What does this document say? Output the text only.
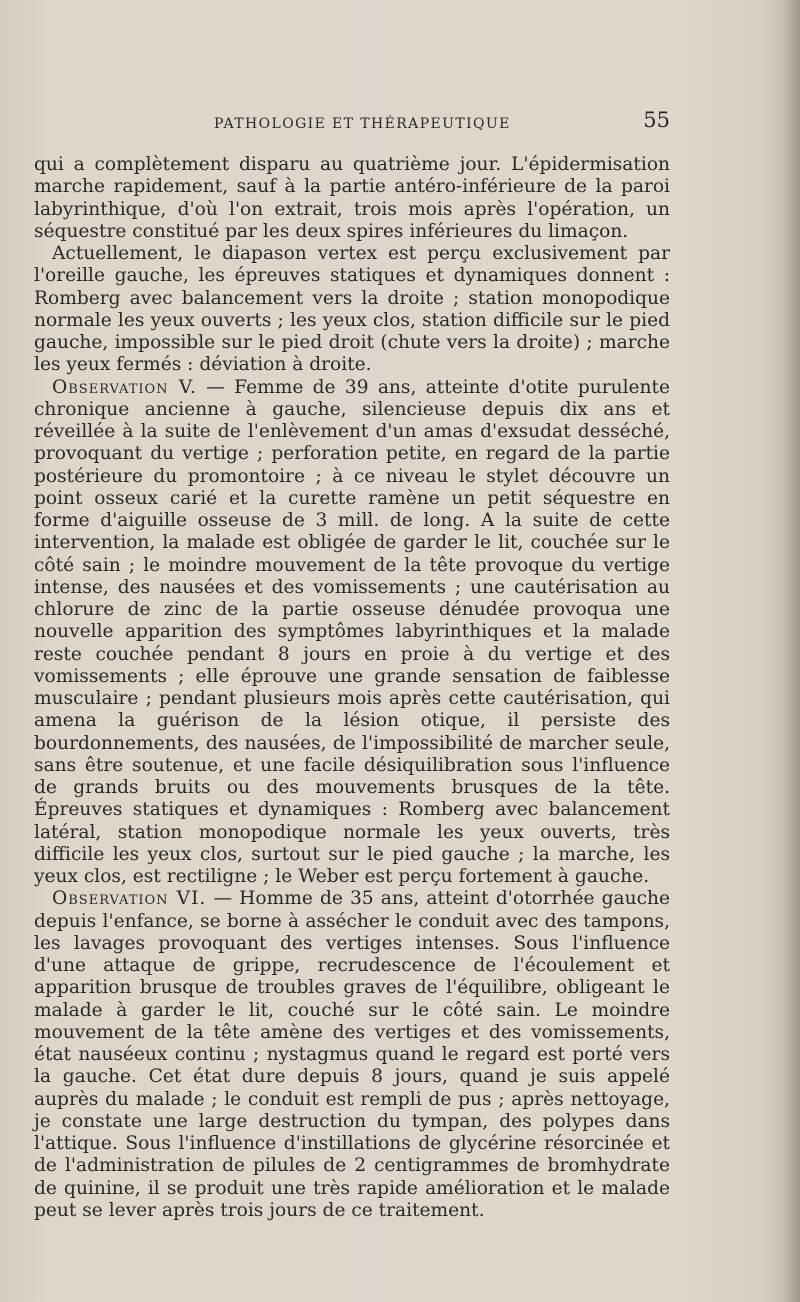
PATHOLOGIE ET THÉRAPEUTIQUE	55

qui a complètement disparu au quatrième jour. L'épidermisation marche rapidement, sauf à la partie antéro-inférieure de la paroi labyrinthique, d'où l'on extrait, trois mois après l'opération, un séquestre constitué par les deux spires inférieures du limaçon.

Actuellement, le diapason vertex est perçu exclusivement par l'oreille gauche, les épreuves statiques et dynamiques donnent : Romberg avec balancement vers la droite ; station monopodique normale les yeux ouverts ; les yeux clos, station difficile sur le pied gauche, impossible sur le pied droit (chute vers la droite) ; marche les yeux fermés : déviation à droite.

Observation V. — Femme de 39 ans, atteinte d'otite purulente chronique ancienne à gauche, silencieuse depuis dix ans et réveillée à la suite de l'enlèvement d'un amas d'exsudat desséché, provoquant du vertige ; perforation petite, en regard de la partie postérieure du promontoire ; à ce niveau le stylet découvre un point osseux carié et la curette ramène un petit séquestre en forme d'aiguille osseuse de 3 mill. de long. A la suite de cette intervention, la malade est obligée de garder le lit, couchée sur le côté sain ; le moindre mouvement de la tête provoque du vertige intense, des nausées et des vomissements ; une cautérisation au chlorure de zinc de la partie osseuse dénudée provoqua une nouvelle apparition des symptômes labyrinthiques et la malade reste couchée pendant 8 jours en proie à du vertige et des vomissements ; elle éprouve une grande sensation de faiblesse musculaire ; pendant plusieurs mois après cette cautérisation, qui amena la guérison de la lésion otique, il persiste des bourdonnements, des nausées, de l'impossibilité de marcher seule, sans être soutenue, et une facile désiquilibration sous l'influence de grands bruits ou des mouvements brusques de la tête. Épreuves statiques et dynamiques : Romberg avec balancement latéral, station monopodique normale les yeux ouverts, très difficile les yeux clos, surtout sur le pied gauche ; la marche, les yeux clos, est rectiligne ; le Weber est perçu fortement à gauche.

Observation VI. — Homme de 35 ans, atteint d'otorrhée gauche depuis l'enfance, se borne à assécher le conduit avec des tampons, les lavages provoquant des vertiges intenses. Sous l'influence d'une attaque de grippe, recrudescence de l'écoulement et apparition brusque de troubles graves de l'équilibre, obligeant le malade à garder le lit, couché sur le côté sain. Le moindre mouvement de la tête amène des vertiges et des vomissements, état nauséeux continu ; nystagmus quand le regard est porté vers la gauche. Cet état dure depuis 8 jours, quand je suis appelé auprès du malade ; le conduit est rempli de pus ; après nettoyage, je constate une large destruction du tympan, des polypes dans l'attique. Sous l'influence d'instillations de glycérine résorcinée et de l'administration de pilules de 2 centigrammes de bromhydrate de quinine, il se produit une très rapide amélioration et le malade peut se lever après trois jours de ce traitement.
